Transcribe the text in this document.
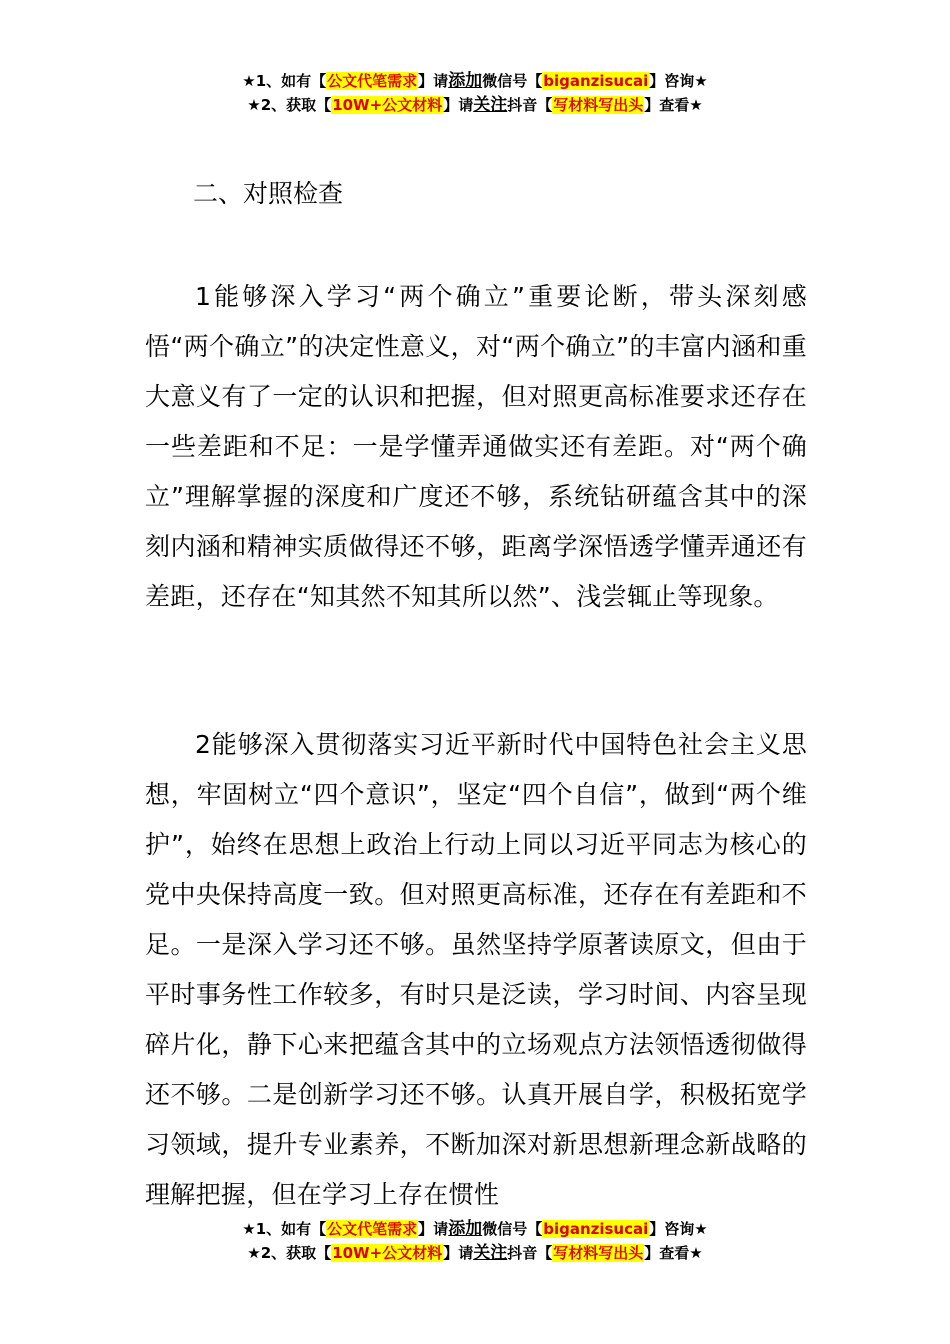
★1、如有【公文代笔需求】请添加微信号【biganzisucai】咨询★
★2、获取【10W+公文材料】请关注抖音【写材料写出头】查看★
二、对照检查

1能够深入学习“两个确立”重要论断，带头深刻感悟“两个确立”的决定性意义，对“两个确立”的丰富内涵和重大意义有了一定的认识和把握，但对照更高标准要求还存在一些差距和不足：一是学懂弄通做实还有差距。对“两个确立”理解掌握的深度和广度还不够，系统钻研蕴含其中的深刻内涵和精神实质做得还不够，距离学深悟透学懂弄通还有差距，还存在“知其然不知其所以然”、浅尝辄止等现象。

2能够深入贯彻落实习近平新时代中国特色社会主义思想，牢固树立“四个意识”，坚定“四个自信”，做到“两个维护”，始终在思想上政治上行动上同以习近平同志为核心的党中央保持高度一致。但对照更高标准，还存在有差距和不足。一是深入学习还不够。虽然坚持学原著读原文，但由于平时事务性工作较多，有时只是泛读，学习时间、内容呈现碎片化，静下心来把蕴含其中的立场观点方法领悟透彻做得还不够。二是创新学习还不够。认真开展自学，积极拓宽学习领域，提升专业素养，不断加深对新思想新理念新战略的理解把握，但在学习上存在惯性

★1、如有【公文代笔需求】请添加微信号【biganzisucai】咨询★
★2、获取【10W+公文材料】请关注抖音【写材料写出头】查看★
